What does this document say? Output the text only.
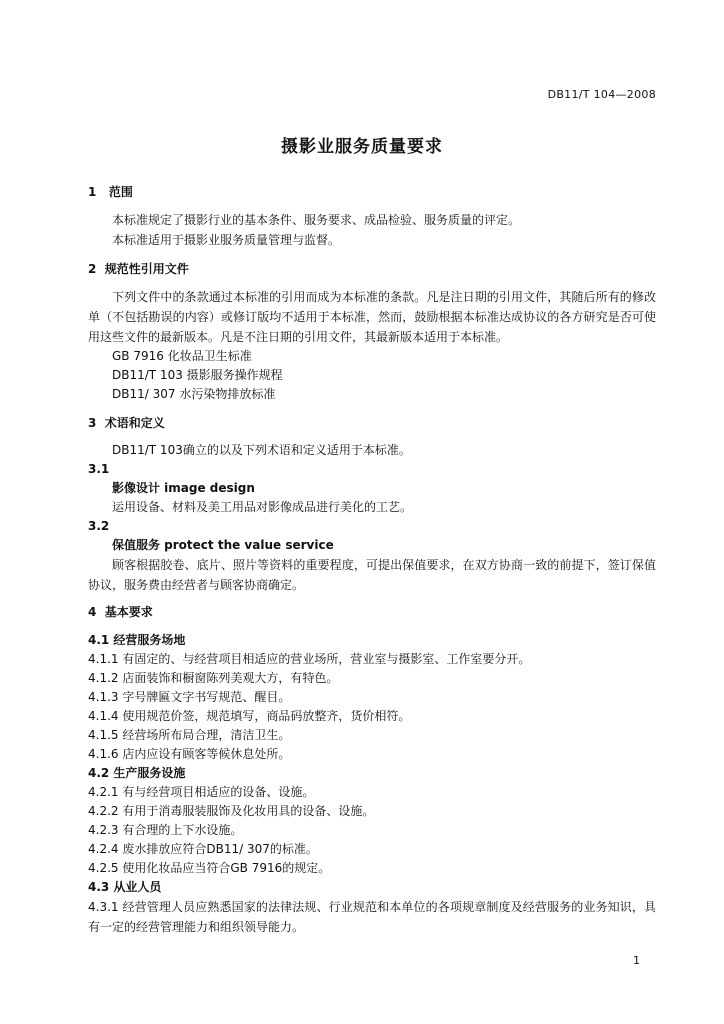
DB11/T 104—2008
摄影业服务质量要求
1 范围
本标准规定了摄影行业的基本条件、服务要求、成品检验、服务质量的评定。
本标准适用于摄影业服务质量管理与监督。
2 规范性引用文件
下列文件中的条款通过本标准的引用而成为本标准的条款。凡是注日期的引用文件，其随后所有的修改单（不包括勘误的内容）或修订版均不适用于本标准，然而，鼓励根据本标准达成协议的各方研究是否可使用这些文件的最新版本。凡是不注日期的引用文件，其最新版本适用于本标准。
GB 7916 化妆品卫生标准
DB11/T 103 摄影服务操作规程
DB11/ 307 水污染物排放标准
3 术语和定义
DB11/T 103确立的以及下列术语和定义适用于本标准。
3.1
影像设计 image design
运用设备、材料及美工用品对影像成品进行美化的工艺。
3.2
保值服务 protect the value service
顾客根据胶卷、底片、照片等资料的重要程度，可提出保值要求，在双方协商一致的前提下，签订保值协议，服务费由经营者与顾客协商确定。
4 基本要求
4.1 经营服务场地
4.1.1 有固定的、与经营项目相适应的营业场所，营业室与摄影室、工作室要分开。
4.1.2 店面装饰和橱窗陈列美观大方，有特色。
4.1.3 字号牌匾文字书写规范、醒目。
4.1.4 使用规范价签，规范填写，商品码放整齐，货价相符。
4.1.5 经营场所布局合理，清洁卫生。
4.1.6 店内应设有顾客等候休息处所。
4.2 生产服务设施
4.2.1 有与经营项目相适应的设备、设施。
4.2.2 有用于消毒服装服饰及化妆用具的设备、设施。
4.2.3 有合理的上下水设施。
4.2.4 废水排放应符合DB11/ 307的标准。
4.2.5 使用化妆品应当符合GB 7916的规定。
4.3 从业人员
4.3.1 经营管理人员应熟悉国家的法律法规、行业规范和本单位的各项规章制度及经营服务的业务知识，具有一定的经营管理能力和组织领导能力。
1
